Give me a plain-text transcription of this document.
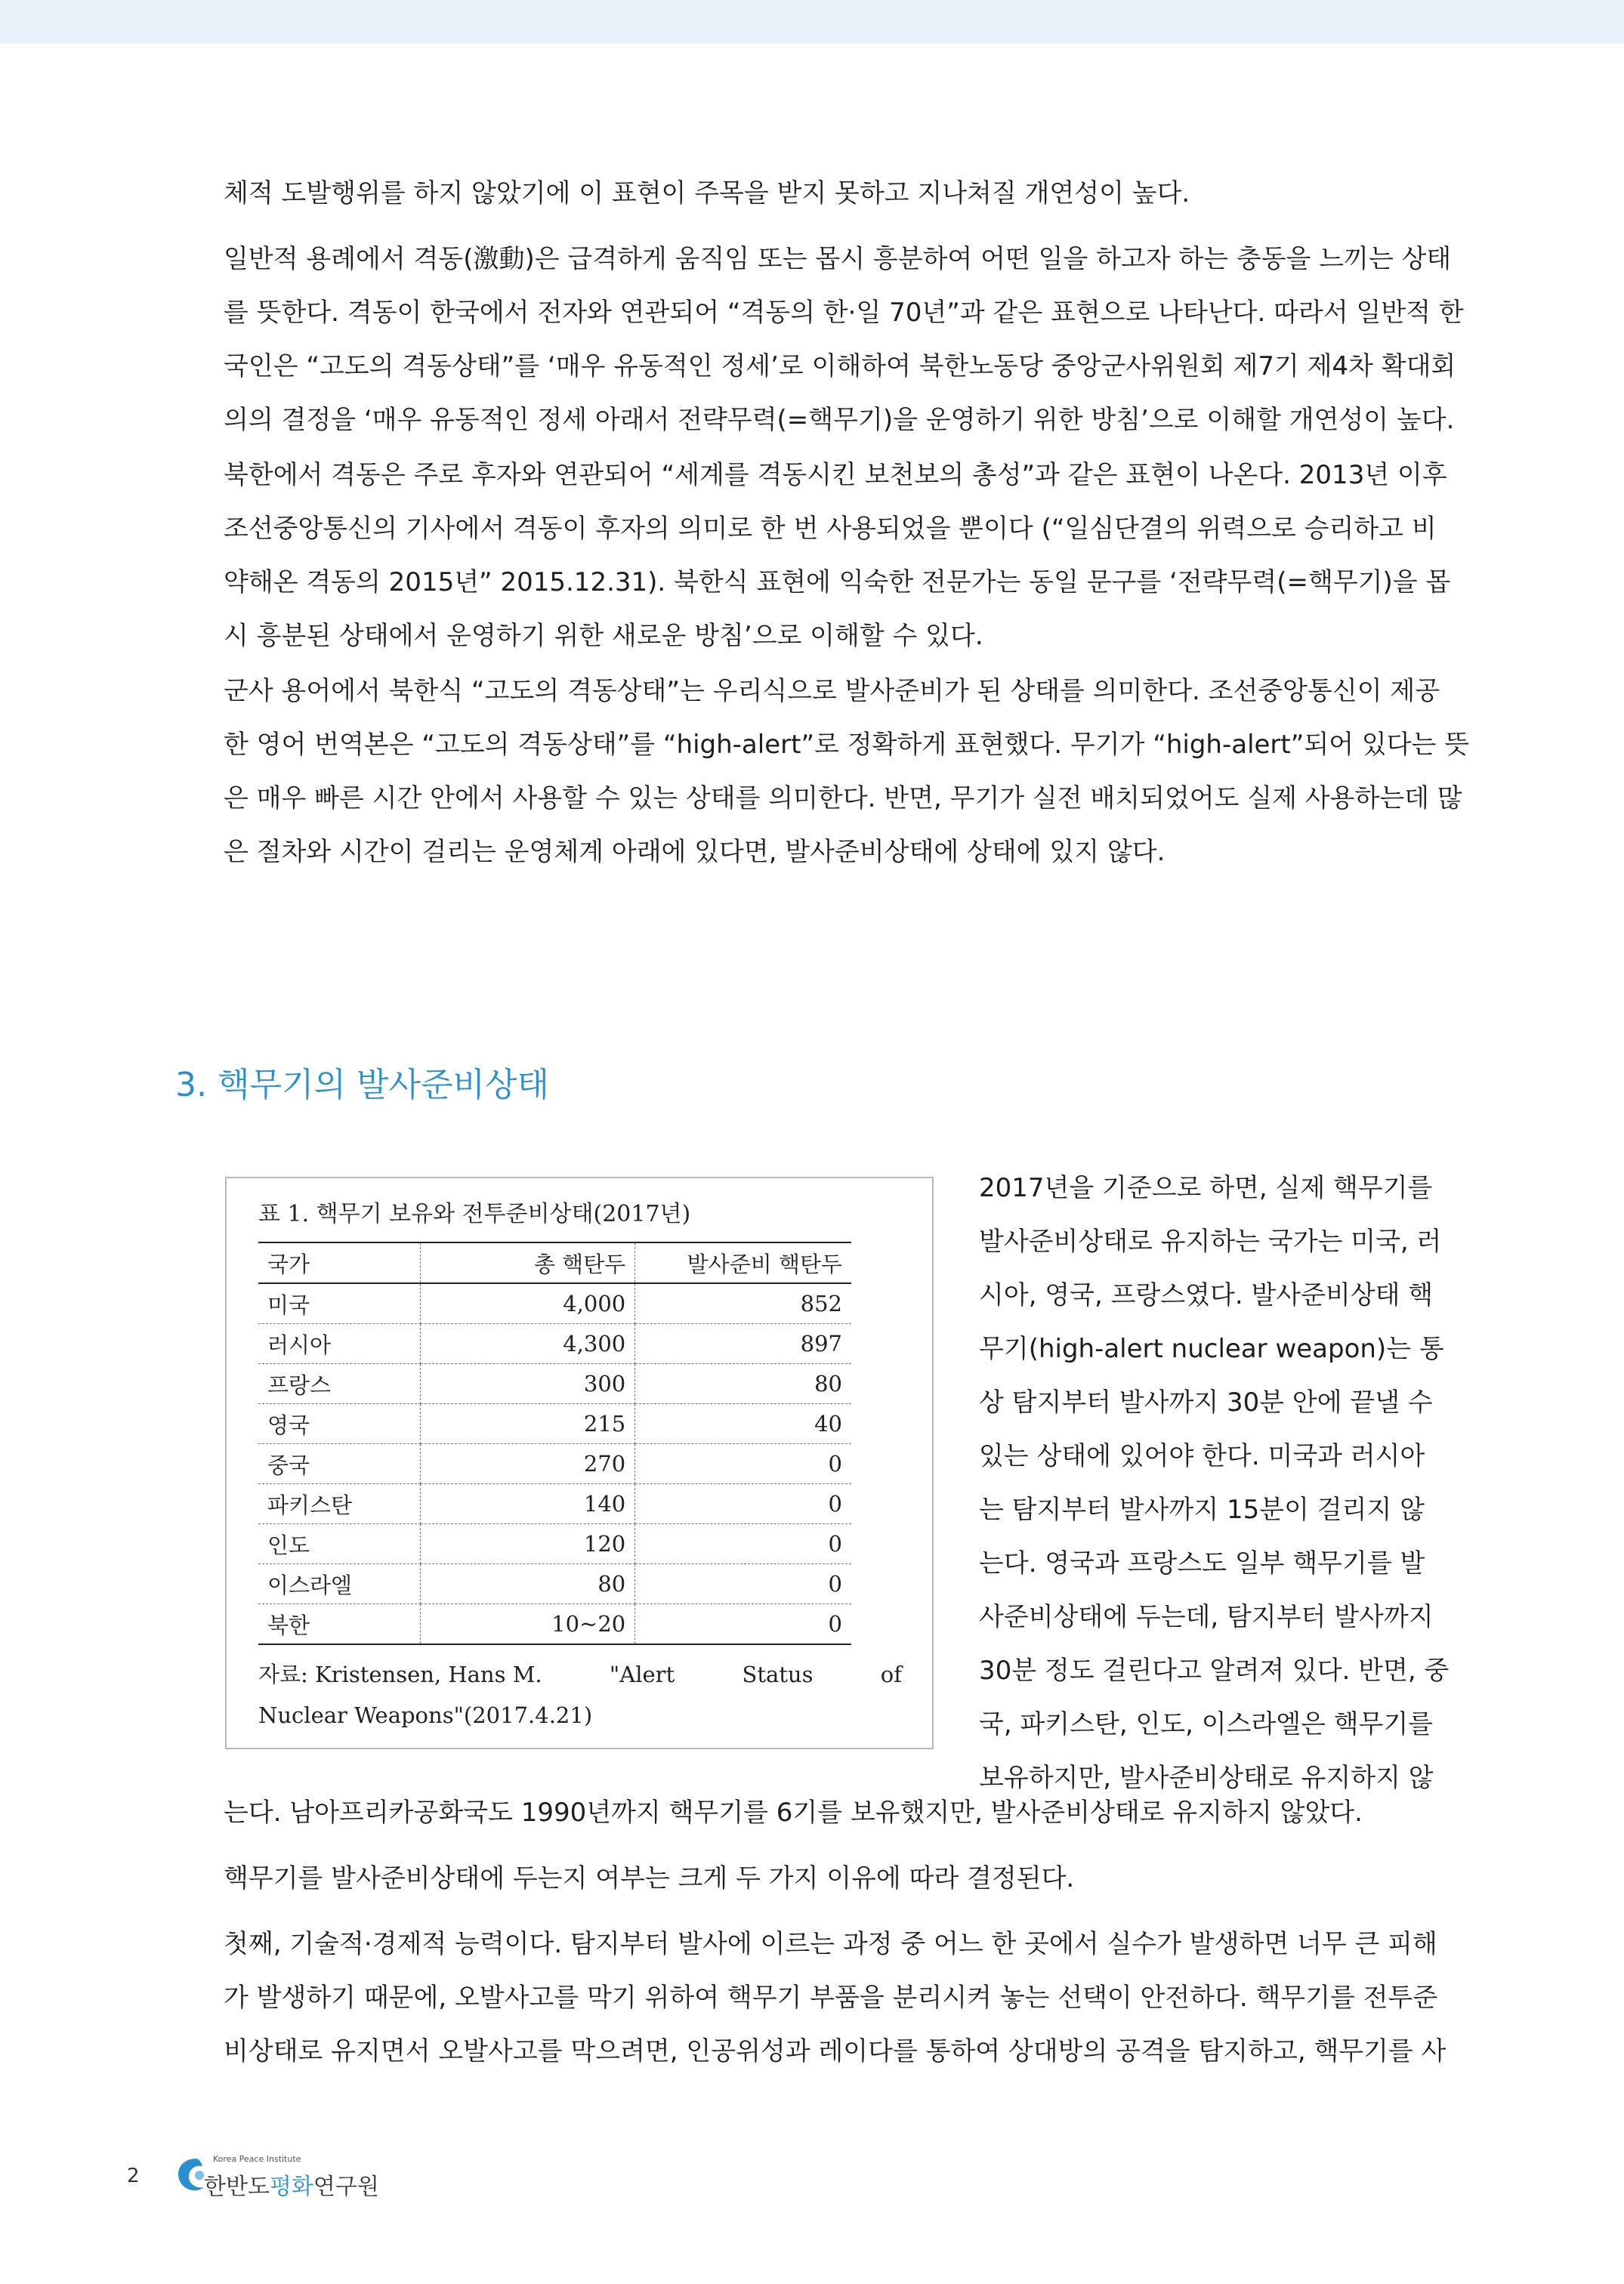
체적 도발행위를 하지 않았기에 이 표현이 주목을 받지 못하고 지나쳐질 개연성이 높다.

일반적 용례에서 격동(激動)은 급격하게 움직임 또는 몹시 흥분하여 어떤 일을 하고자 하는 충동을 느끼는 상태
를 뜻한다. 격동이 한국에서 전자와 연관되어 “격동의 한·일 70년”과 같은 표현으로 나타난다. 따라서 일반적 한
국인은 “고도의 격동상태”를 ‘매우 유동적인 정세’로 이해하여 북한노동당 중앙군사위원회 제7기 제4차 확대회
의의 결정을 ‘매우 유동적인 정세 아래서 전략무력(=핵무기)을 운영하기 위한 방침’으로 이해할 개연성이 높다.

북한에서 격동은 주로 후자와 연관되어 “세계를 격동시킨 보천보의 총성”과 같은 표현이 나온다. 2013년 이후
조선중앙통신의 기사에서 격동이 후자의 의미로 한 번 사용되었을 뿐이다 (“일심단결의 위력으로 승리하고 비
약해온 격동의 2015년” 2015.12.31). 북한식 표현에 익숙한 전문가는 동일 문구를 ‘전략무력(=핵무기)을 몹
시 흥분된 상태에서 운영하기 위한 새로운 방침’으로 이해할 수 있다.

군사 용어에서 북한식 “고도의 격동상태”는 우리식으로 발사준비가 된 상태를 의미한다. 조선중앙통신이 제공
한 영어 번역본은 “고도의 격동상태”를 “high-alert”로 정확하게 표현했다. 무기가 “high-alert”되어 있다는 뜻
은 매우 빠른 시간 안에서 사용할 수 있는 상태를 의미한다. 반면, 무기가 실전 배치되었어도 실제 사용하는데 많
은 절차와 시간이 걸리는 운영체계 아래에 있다면, 발사준비상태에 상태에 있지 않다.

3. 핵무기의 발사준비상태
표 1. 핵무기 보유와 전투준비상태(2017년)
국가	총 핵탄두	발사준비 핵탄두
미국	4,000	852
러시아	4,300	897
프랑스	300	80
영국	215	40
중국	270	0
파키스탄	140	0
인도	120	0
이스라엘	80	0
북한	10~20	0
자료: Kristensen, Hans M.	"Alert	Status	of
Nuclear Weapons"(2017.4.21)
2017년을 기준으로 하면, 실제 핵무기를
발사준비상태로 유지하는 국가는 미국, 러
시아, 영국, 프랑스였다. 발사준비상태 핵
무기(high-alert nuclear weapon)는 통
상 탐지부터 발사까지 30분 안에 끝낼 수
있는 상태에 있어야 한다. 미국과 러시아
는 탐지부터 발사까지 15분이 걸리지 않
는다. 영국과 프랑스도 일부 핵무기를 발
사준비상태에 두는데, 탐지부터 발사까지
30분 정도 걸린다고 알려져 있다. 반면, 중
국, 파키스탄, 인도, 이스라엘은 핵무기를
보유하지만, 발사준비상태로 유지하지 않

는다. 남아프리카공화국도 1990년까지 핵무기를 6기를 보유했지만, 발사준비상태로 유지하지 않았다.

핵무기를 발사준비상태에 두는지 여부는 크게 두 가지 이유에 따라 결정된다.

첫째, 기술적·경제적 능력이다. 탐지부터 발사에 이르는 과정 중 어느 한 곳에서 실수가 발생하면 너무 큰 피해
가 발생하기 때문에, 오발사고를 막기 위하여 핵무기 부품을 분리시켜 놓는 선택이 안전하다. 핵무기를 전투준
비상태로 유지면서 오발사고를 막으려면, 인공위성과 레이다를 통하여 상대방의 공격을 탐지하고, 핵무기를 사

2
Korea Peace Institute
한반도평화연구원
